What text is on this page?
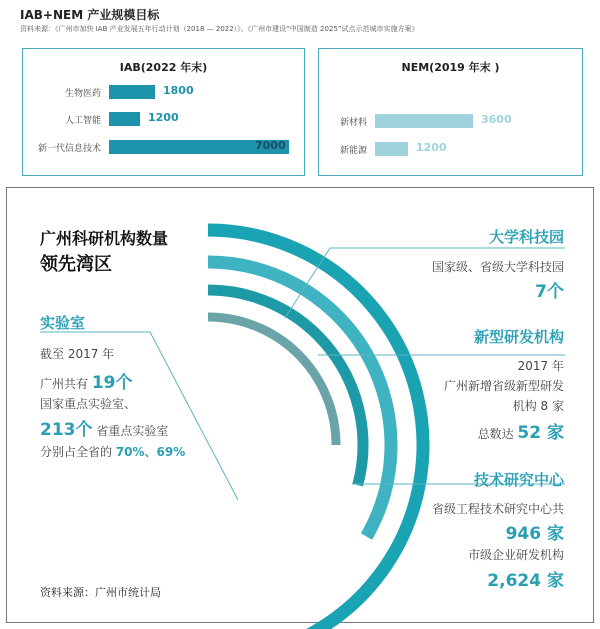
IAB+NEM 产业规模目标
资料来源：《广州市加快 IAB 产业发展五年行动计划（2018 — 2022）》、《广州市建设“中国制造 2025”试点示范城市实施方案》
IAB(2022 年末)
生物医药	1800
人工智能	1200
新一代信息技术	7000
NEM(2019 年末 )
新材料	3600
新能源	1200
广州科研机构数量
领先湾区
实验室
截至 2017 年
广州共有 19个
国家重点实验室、
213个 省重点实验室
分别占全省的 70%、69%
大学科技园
国家级、省级大学科技园
7个
新型研发机构
2017 年
广州新增省级新型研发
机构 8 家
总数达 52 家
技术研究中心
省级工程技术研究中心共
946 家
市级企业研发机构
2,624 家
资料来源：广州市统计局
